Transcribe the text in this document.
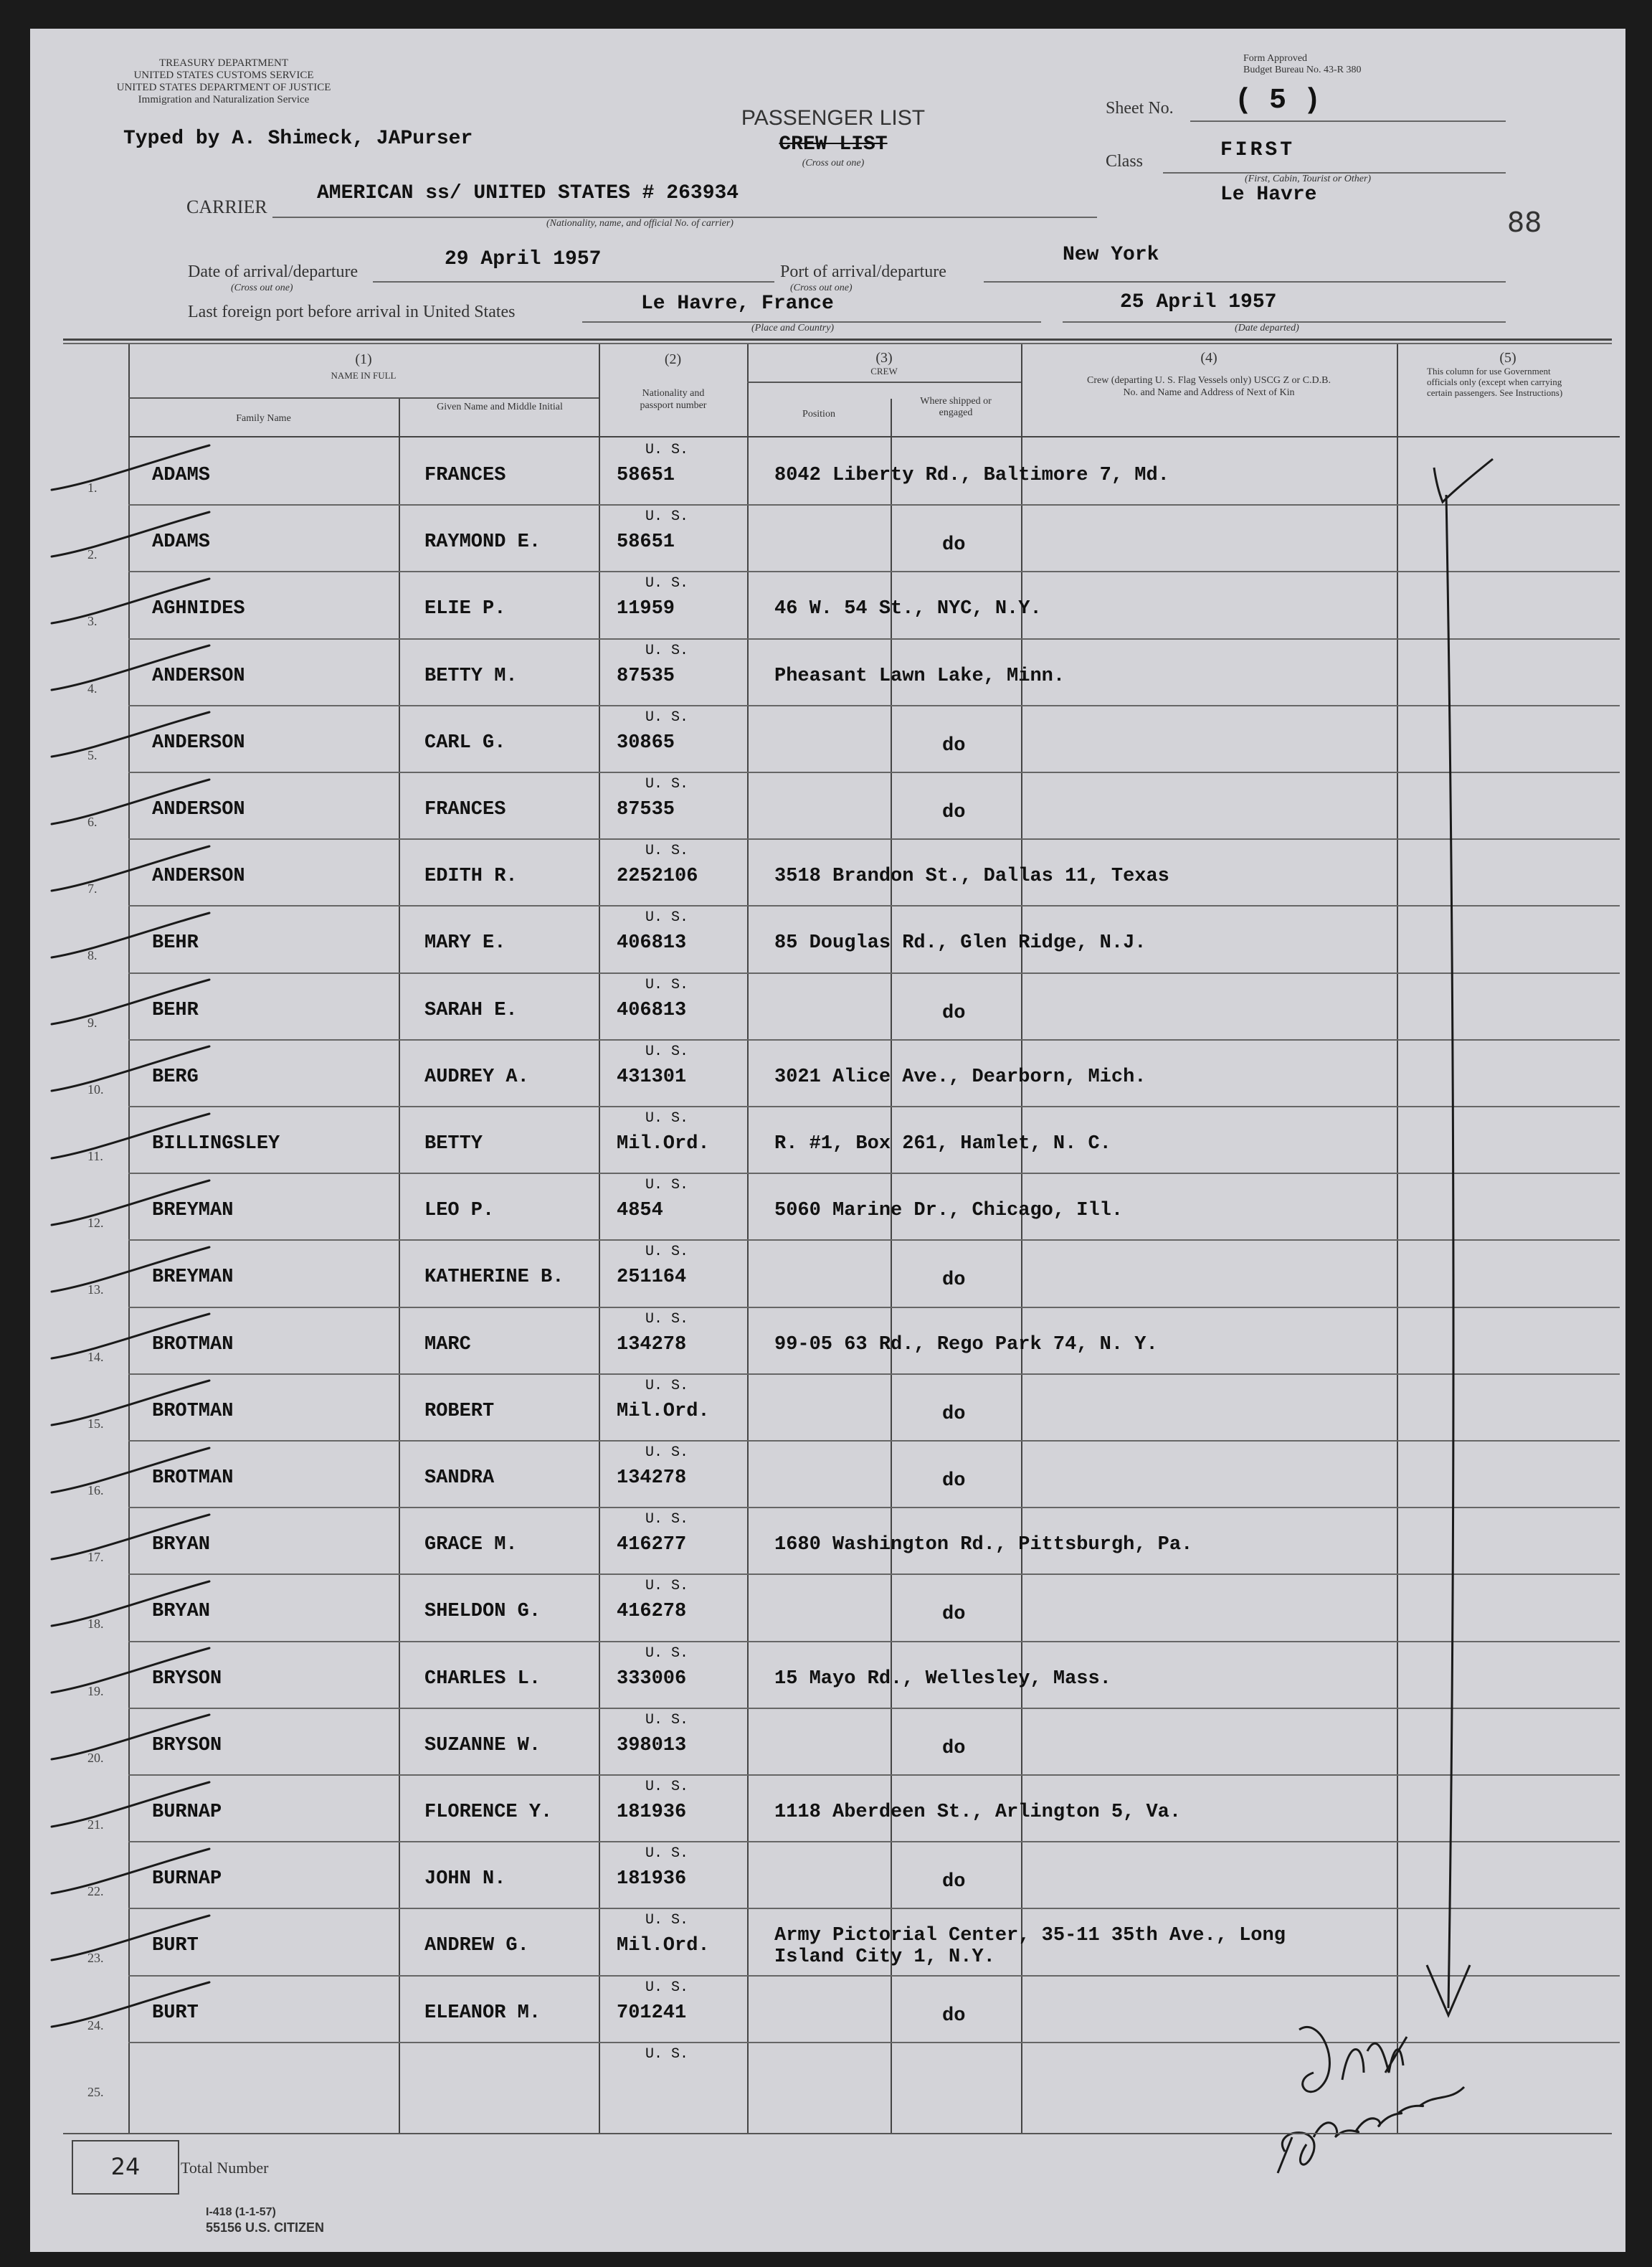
TREASURY DEPARTMENT
UNITED STATES CUSTOMS SERVICE
UNITED STATES DEPARTMENT OF JUSTICE
Immigration and Naturalization Service
Form Approved
Budget Bureau No. 43-R 380
Typed by A. Shimeck, JAPurser
PASSENGER LIST
CREW LIST
(Cross out one)
Sheet No. ( 5 )
Class	FIRST
(First, Cabin, Tourist or Other)
CARRIER
AMERICAN ss/ UNITED STATES # 263934
(Nationality, name, and official No. of carrier)
Le Havre
88
Date of arrival/departure
(Cross out one)
29 April 1957
Port of arrival/departure
(Cross out one)
New York
Last foreign port before arrival in United States	Le Havre, France
(Place and Country)
25 April 1957
(Date departed)
(1)
NAME IN FULL
Family Name
Given Name and Middle Initial
(2)
Nationality and passport number
(3)
CREW
Position
Where shipped or engaged
(4)
Crew (departing U. S. Flag Vessels only) USCG Z or C.D.B. No. and Name and Address of Next of Kin
(5)
This column for use Government officials only (except when carrying certain passengers. See Instructions)
1.
ADAMS	FRANCES
U. S.
58651	8042 Liberty Rd., Baltimore 7, Md.
2.
ADAMS	RAYMOND E.
U. S.
58651	do
3.
AGHNIDES	ELIE P.
U. S.
11959	46 W. 54 St., NYC, N.Y.
4.
ANDERSON	BETTY M.
U. S.
87535	Pheasant Lawn Lake, Minn.
5.
ANDERSON	CARL G.
U. S.
30865	do
6.
ANDERSON	FRANCES
U. S.
87535	do
7.
ANDERSON	EDITH R.
U. S.
2252106	3518 Brandon St., Dallas 11, Texas
8.
BEHR	MARY E.
U. S.
406813	85 Douglas Rd., Glen Ridge, N.J.
9.
BEHR	SARAH E.
U. S.
406813	do
10.
BERG	AUDREY A.
U. S.
431301	3021 Alice Ave., Dearborn, Mich.
11.
BILLINGSLEY	BETTY
U. S.
Mil.Ord.	R. #1, Box 261, Hamlet, N. C.
12.
BREYMAN	LEO P.
U. S.
4854	5060 Marine Dr., Chicago, Ill.
13.
BREYMAN	KATHERINE B.
U. S.
251164	do
14.
BROTMAN	MARC
U. S.
134278	99-05 63 Rd., Rego Park 74, N. Y.
15.
BROTMAN	ROBERT
U. S.
Mil.Ord.	do
16.
BROTMAN	SANDRA
U. S.
134278	do
17.
BRYAN	GRACE M.
U. S.
416277	1680 Washington Rd., Pittsburgh, Pa.
18.
BRYAN	SHELDON G.
U. S.
416278	do
19.
BRYSON	CHARLES L.
U. S.
333006	15 Mayo Rd., Wellesley, Mass.
20.
BRYSON	SUZANNE W.
U. S.
398013	do
21.
BURNAP	FLORENCE Y.
U. S.
181936	1118 Aberdeen St., Arlington 5, Va.
22.
BURNAP	JOHN N.
U. S.
181936	do
23.
BURT	ANDREW G.
U. S.
Mil.Ord.	Army Pictorial Center, 35-11 35th Ave., Long Island City 1, N.Y.
24.
BURT	ELEANOR M.
U. S.
701241	do
25.
U. S.
24	Total Number
I-418 (1-1-57)
55156 U.S. CITIZEN
